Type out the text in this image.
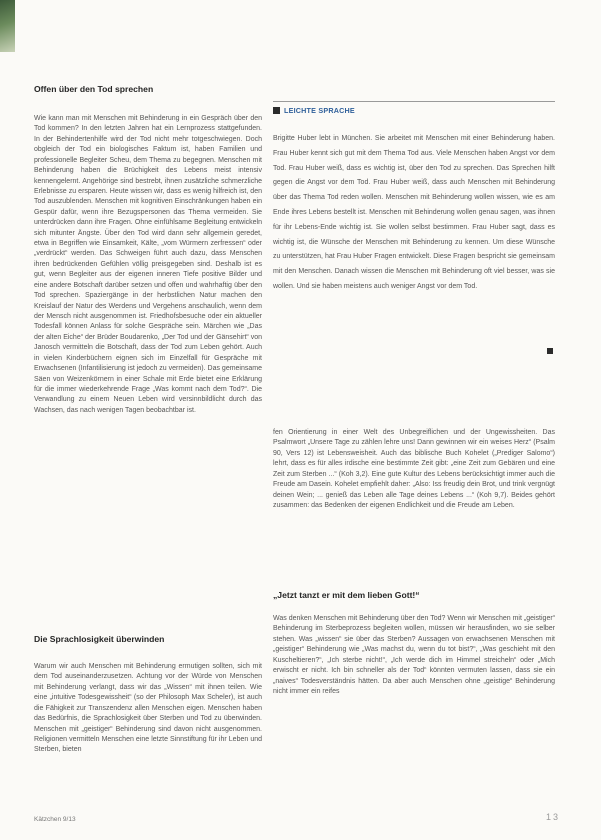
Offen über den Tod sprechen

Wie kann man mit Menschen mit Behinderung in ein Gespräch über den Tod kommen? In den letzten Jahren hat ein Lernprozess stattgefunden. In der Behindertenhilfe wird der Tod nicht mehr totgeschwiegen. Doch obgleich der Tod ein biologisches Faktum ist, haben Familien und professionelle Begleiter Scheu, dem Thema zu begegnen. Menschen mit Behinderung haben die Brüchigkeit des Lebens meist intensiv kennengelernt. Angehörige sind bestrebt, ihnen zusätzliche schmerzliche Erlebnisse zu ersparen. Heute wissen wir, dass es wenig hilfreich ist, den Tod auszublenden. Menschen mit kognitiven Einschränkungen haben ein Gespür dafür, wenn ihre Bezugspersonen das Thema vermeiden. Sie unterdrücken dann ihre Fragen. Ohne einfühlsame Begleitung entwickeln sich mitunter Ängste. Über den Tod wird dann sehr allgemein geredet, etwa in Begriffen wie Einsamkeit, Kälte, „vom Würmern zerfressen“ oder „verdrückt“ werden. Das Schweigen führt auch dazu, dass Menschen ihren bedrückenden Gefühlen völlig preisgegeben sind. Deshalb ist es gut, wenn Begleiter aus der eigenen inneren Tiefe positive Bilder und eine andere Botschaft darüber setzen und offen und wahrhaftig über den Tod sprechen. Spaziergänge in der herbstlichen Natur machen den Kreislauf der Natur des Werdens und Vergehens anschaulich, wenn dem der Mensch nicht ausgenommen ist. Friedhofsbesuche oder ein aktueller Todesfall können Anlass für solche Gespräche sein. Märchen wie „Das der alten Eiche“ der Brüder Boudarenko, „Der Tod und der Gänsehirt“ von Janosch vermitteln die Botschaft, dass der Tod zum Leben gehört. Auch in vielen Kinderbüchern eignen sich im Einzelfall für Gespräche mit Erwachsenen (Infantilisierung ist jedoch zu vermeiden). Das gemeinsame Säen von Weizenkörnern in einer Schale mit Erde bietet eine Erklärung für die immer wiederkehrende Frage „Was kommt nach dem Tod?“. Die Verwandlung zu einem Neuen Leben wird versinnbildlicht durch das Wachsen, das nach wenigen Tagen beobachtbar ist.

Die Sprachlosigkeit überwinden

Warum wir auch Menschen mit Behinderung ermutigen sollten, sich mit dem Tod auseinanderzusetzen. Achtung vor der Würde von Menschen mit Behinderung verlangt, dass wir das „Wissen“ mit ihnen teilen. Wie eine „intuitive Todesgewissheit“ (so der Philosoph Max Scheler), ist auch die Fähigkeit zur Transzendenz allen Menschen eigen. Menschen haben das Bedürfnis, die Sprachlosigkeit über Sterben und Tod zu überwinden. Menschen mit „geistiger“ Behinderung sind davon nicht ausgenommen. Religionen vermitteln Menschen eine letzte Sinnstiftung für ihr Leben und Sterben, bieten

LEICHTE SPRACHE

Brigitte Huber lebt in München. Sie arbeitet mit Menschen mit einer Behinderung haben. Frau Huber kennt sich gut mit dem Thema Tod aus. Viele Menschen haben Angst vor dem Tod. Frau Huber weiß, dass es wichtig ist, über den Tod zu sprechen. Das Sprechen hilft gegen die Angst vor dem Tod. Frau Huber weiß, dass auch Menschen mit Behinderung über das Thema Tod reden wollen. Menschen mit Behinderung wollen wissen, wie es am Ende ihres Lebens bestellt ist. Menschen mit Behinderung wollen genau sagen, was ihnen für ihr Lebens-Ende wichtig ist. Sie wollen selbst bestimmen. Frau Huber sagt, dass es wichtig ist, die Wünsche der Menschen mit Behinderung zu kennen. Um diese Wünsche zu unterstützen, hat Frau Huber Fragen entwickelt. Diese Fragen bespricht sie gemeinsam mit den Menschen. Danach wissen die Menschen mit Behinderung oft viel besser, was sie wollen. Und sie haben meistens auch weniger Angst vor dem Tod.

fen Orientierung in einer Welt des Unbegreiflichen und der Ungewissheiten. Das Psalmwort „Unsere Tage zu zählen lehre uns! Dann gewinnen wir ein weises Herz“ (Psalm 90, Vers 12) ist Lebensweisheit. Auch das biblische Buch Kohelet („Prediger Salomo“) lehrt, dass es für alles irdische eine bestimmte Zeit gibt: „eine Zeit zum Gebären und eine Zeit zum Sterben ...“ (Koh 3,2). Eine gute Kultur des Lebens berücksichtigt immer auch die Freude am Dasein. Kohelet empfiehlt daher: „Also: Iss freudig dein Brot, und trink vergnügt deinen Wein; ... genieß das Leben alle Tage deines Lebens ...“ (Koh 9,7). Beides gehört zusammen: das Bedenken der eigenen Endlichkeit und die Freude am Leben.

„Jetzt tanzt er mit dem lieben Gott!“

Was denken Menschen mit Behinderung über den Tod? Wenn wir Menschen mit „geistiger“ Behinderung im Sterbeprozess begleiten wollen, müssen wir herausfinden, wo sie selber stehen. Was „wissen“ sie über das Sterben? Aussagen von erwachsenen Menschen mit „geistiger“ Behinderung wie „Was machst du, wenn du tot bist?“, „Was geschieht mit den Kuscheltieren?“, „Ich sterbe nicht!“, „Ich werde dich im Himmel streicheln“ oder „Mich erwischt er nicht. Ich bin schneller als der Tod“ könnten vermuten lassen, dass sie ein „naives“ Todesverständnis hätten. Da aber auch Menschen ohne „geistige“ Behinderung nicht immer ein reifes

Kätzchen 9/13	13
